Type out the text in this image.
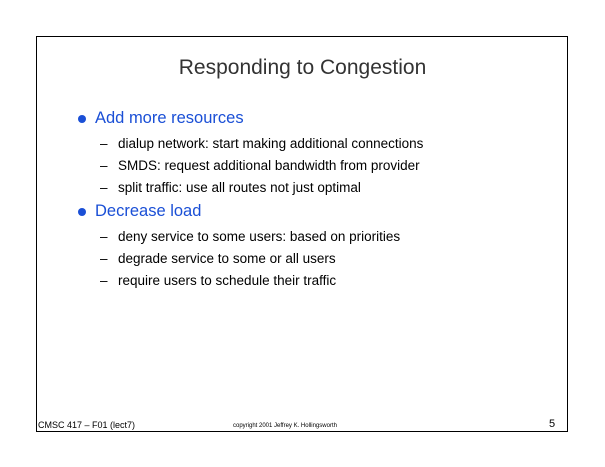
Responding to Congestion
Add more resources
– dialup network: start making additional connections
– SMDS: request additional bandwidth from provider
– split traffic: use all routes not just optimal
Decrease load
– deny service to some users: based on priorities
– degrade service to some or all users
– require users to schedule their traffic
CMSC 417 – F01 (lect7)	copyright 2001 Jeffrey K. Hollingsworth	5
